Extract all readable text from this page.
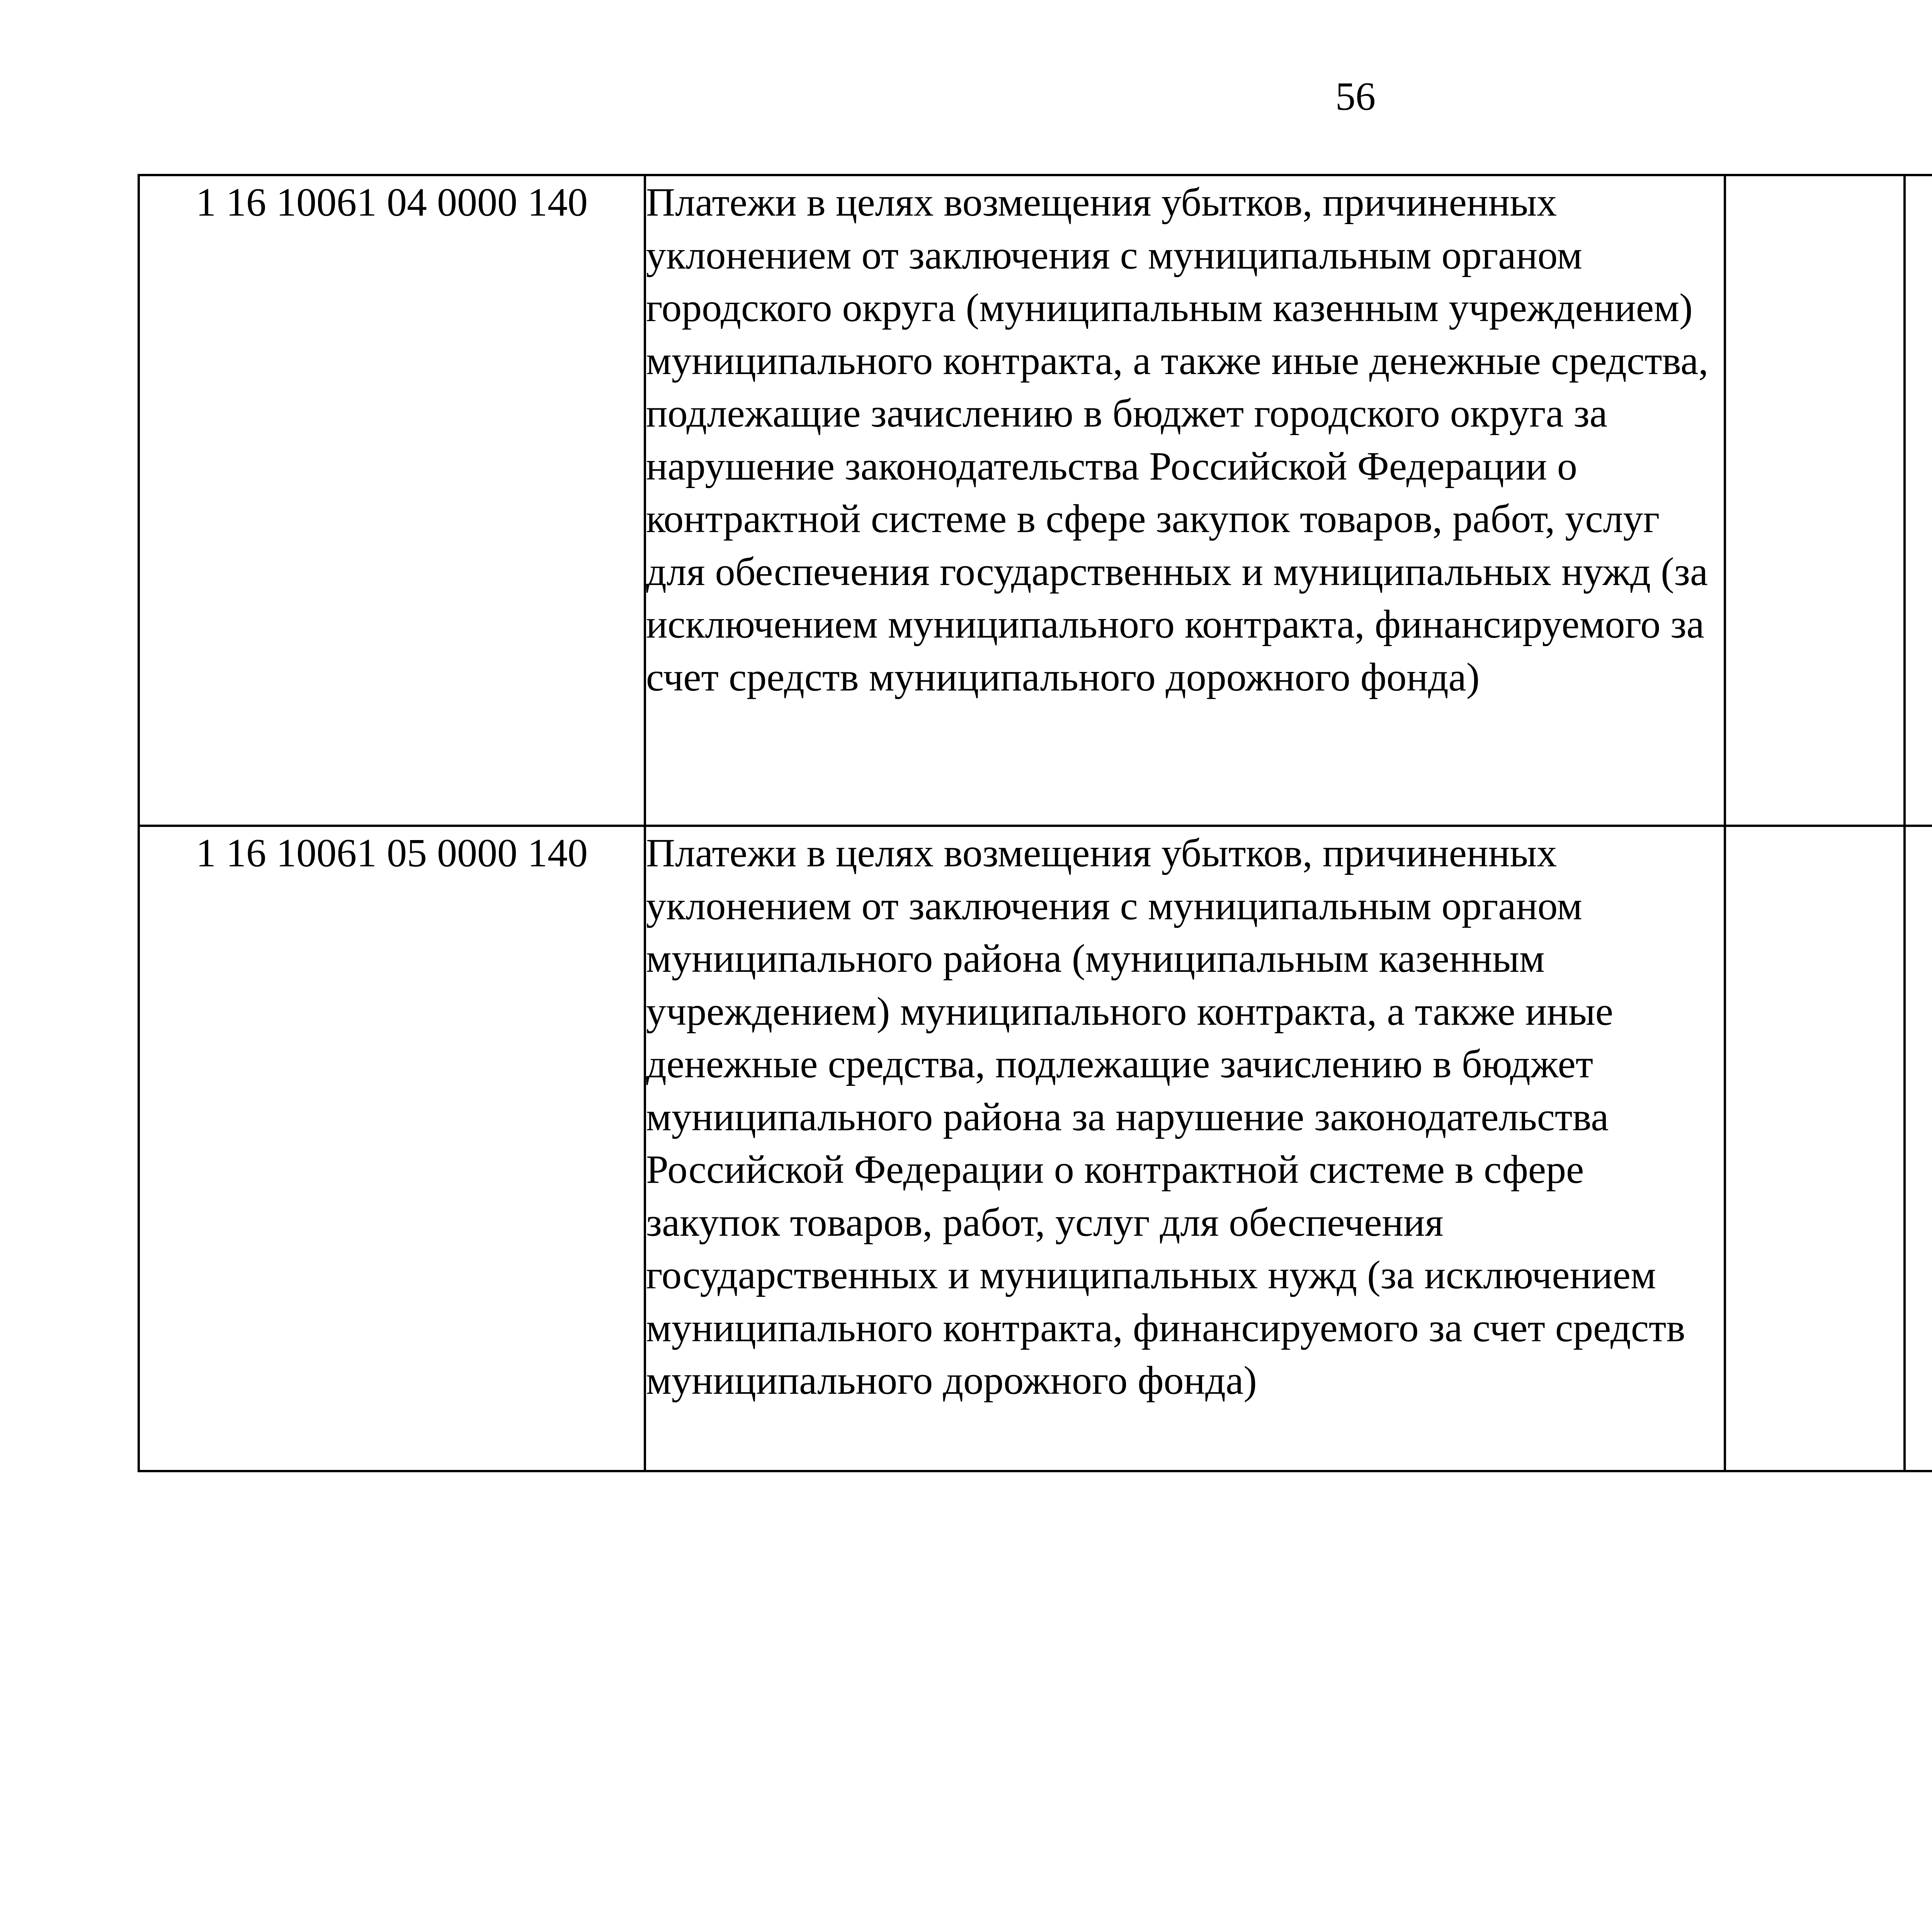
56
1 16 10061 04 0000 140	Платежи в целях возмещения убытков, причиненных уклонением от заключения с муниципальным органом городского округа (муниципальным казенным учреждением) муниципального контракта, а также иные денежные средства, подлежащие зачислению в бюджет городского округа за нарушение законодательства Российской Федерации о контрактной системе в сфере закупок товаров, работ, услуг для обеспечения государственных и муниципальных нужд (за исключением муниципального контракта, финансируемого за счет средств муниципального дорожного фонда)					
1 16 10061 05 0000 140	Платежи в целях возмещения убытков, причиненных уклонением от заключения с муниципальным органом муниципального района (муниципальным казенным учреждением) муниципального контракта, а также иные денежные средства, подлежащие зачислению в бюджет муниципального района за нарушение законодательства Российской Федерации о контрактной системе в сфере закупок товаров, работ, услуг для обеспечения государственных и муниципальных нужд (за исключением муниципального контракта, финансируемого за счет средств муниципального дорожного фонда)					
